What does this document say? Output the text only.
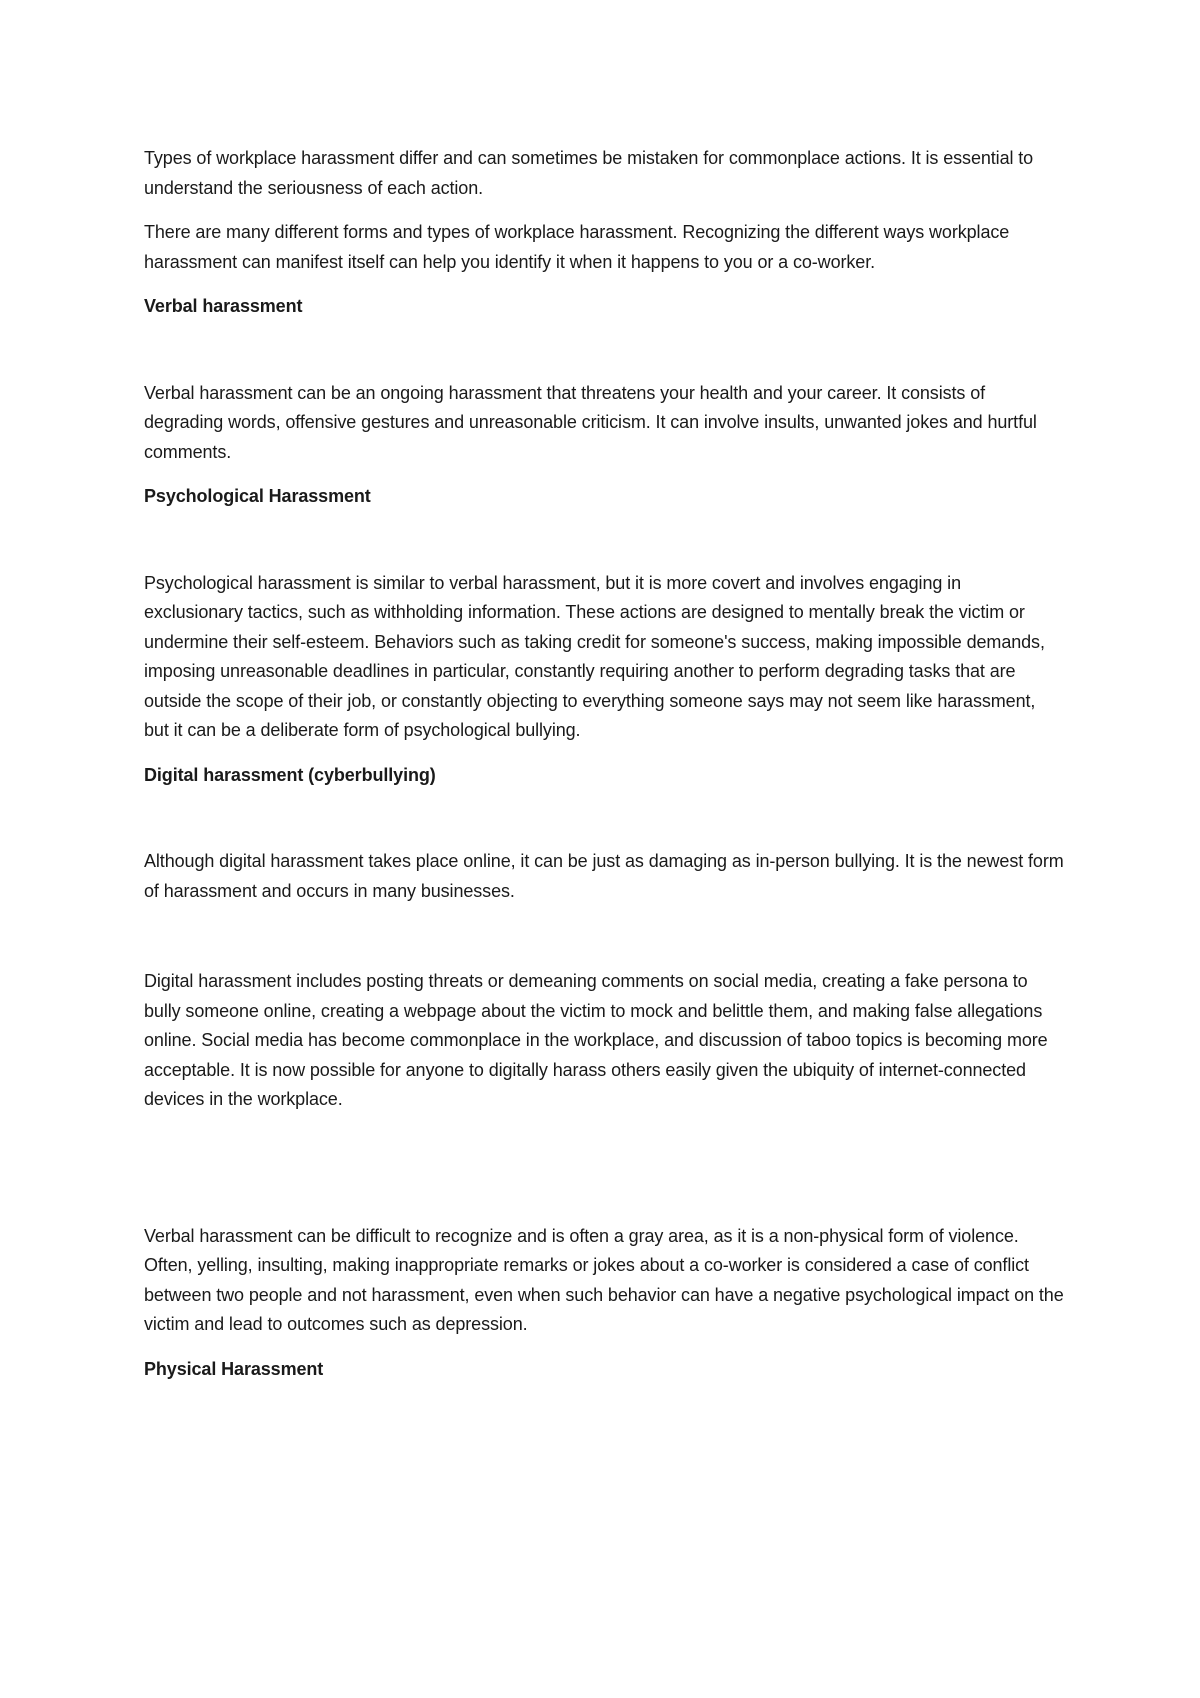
Types of workplace harassment differ and can sometimes be mistaken for commonplace actions. It is essential to understand the seriousness of each action.

There are many different forms and types of workplace harassment. Recognizing the different ways workplace harassment can manifest itself can help you identify it when it happens to you or a co-worker.

Verbal harassment

Verbal harassment can be an ongoing harassment that threatens your health and your career. It consists of degrading words, offensive gestures and unreasonable criticism. It can involve insults, unwanted jokes and hurtful comments.

Psychological Harassment

Psychological harassment is similar to verbal harassment, but it is more covert and involves engaging in exclusionary tactics, such as withholding information. These actions are designed to mentally break the victim or undermine their self-esteem. Behaviors such as taking credit for someone's success, making impossible demands, imposing unreasonable deadlines in particular, constantly requiring another to perform degrading tasks that are outside the scope of their job, or constantly objecting to everything someone says may not seem like harassment, but it can be a deliberate form of psychological bullying.

Digital harassment (cyberbullying)

Although digital harassment takes place online, it can be just as damaging as in-person bullying. It is the newest form of harassment and occurs in many businesses.

Digital harassment includes posting threats or demeaning comments on social media, creating a fake persona to bully someone online, creating a webpage about the victim to mock and belittle them, and making false allegations online. Social media has become commonplace in the workplace, and discussion of taboo topics is becoming more acceptable. It is now possible for anyone to digitally harass others easily given the ubiquity of internet-connected devices in the workplace.

Verbal harassment can be difficult to recognize and is often a gray area, as it is a non-physical form of violence. Often, yelling, insulting, making inappropriate remarks or jokes about a co-worker is considered a case of conflict between two people and not harassment, even when such behavior can have a negative psychological impact on the victim and lead to outcomes such as depression.

Physical Harassment
